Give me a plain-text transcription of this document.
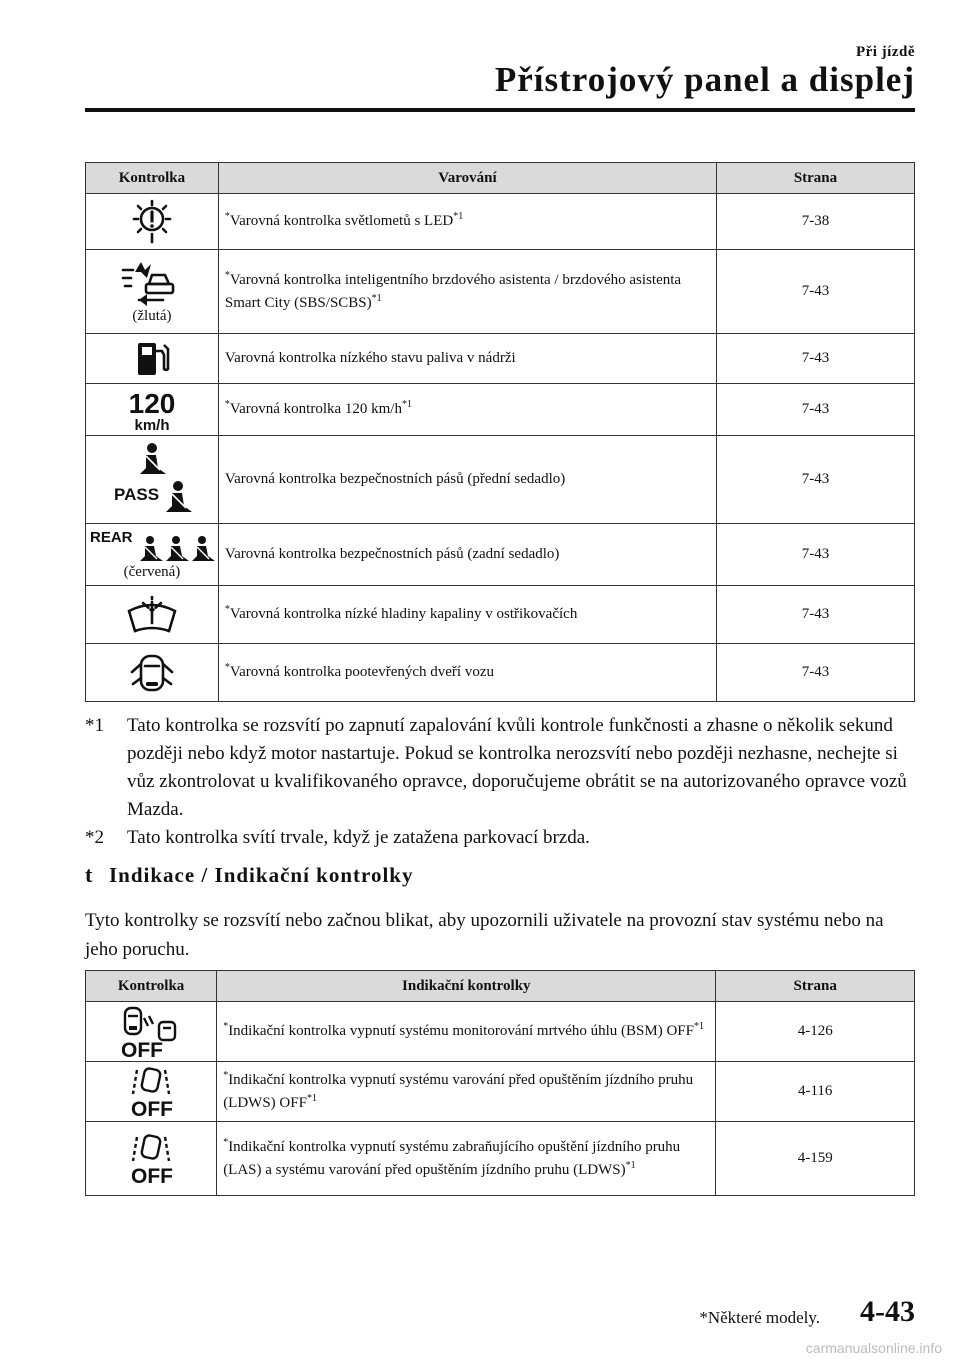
Při jízdě
Přístrojový panel a displej
Kontrolka	Varování	Strana

	*Varovná kontrolka světlometů s LED$^{*1}$	7-38

(žlutá)	*Varovná kontrolka inteligentního brzdového asistenta / brzdového asistenta Smart City (SBS/SCBS)$^{*1}$	7-43

	Varovná kontrolka nízkého stavu paliva v nádrži	7-43

120
km/h	*Varovná kontrolka 120 $km/h^{*1}$	7-43

PASS	Varovná kontrolka bezpečnostních pásů (přední sedadlo)	7-43

REAR
(červená)	Varovná kontrolka bezpečnostních pásů (zadní sedadlo)	7-43

	*Varovná kontrolka nízké hladiny kapaliny v ostřikovačích	7-43

	*Varovná kontrolka pootevřených dveří vozu	7-43
*1	Tato kontrolka se rozsvítí po zapnutí zapalování kvůli kontrole funkčnosti a zhasne o několik sekund později nebo když motor nastartuje. Pokud se kontrolka nerozsvítí nebo později nezhasne, nechejte si vůz zkontrolovat u kvalifikovaného opravce, doporučujeme obrátit se na autorizovaného opravce vozů Mazda.
*2	Tato kontrolka svítí trvale, když je zatažena parkovací brzda.
t Indikace / Indikační kontrolky
Tyto kontrolky se rozsvítí nebo začnou blikat, aby upozornili uživatele na provozní stav systému nebo na jeho poruchu.
Kontrolka	Indikační kontrolky	Strana

OFF	*Indikační kontrolka vypnutí systému monitorování mrtvého úhlu (BSM) OFF$^{*1}$	4-126

OFF	*Indikační kontrolka vypnutí systému varování před opuštěním jízdního pruhu (LDWS) OFF$^{*1}$	4-116

OFF	*Indikační kontrolka vypnutí systému zabraňujícího opuštění jízdního pruhu (LAS) a systému varování před opuštěním jízdního pruhu (LDWS)$^{*1}$	4-159
*Některé modely. 4-43
carmanualsonline.info
